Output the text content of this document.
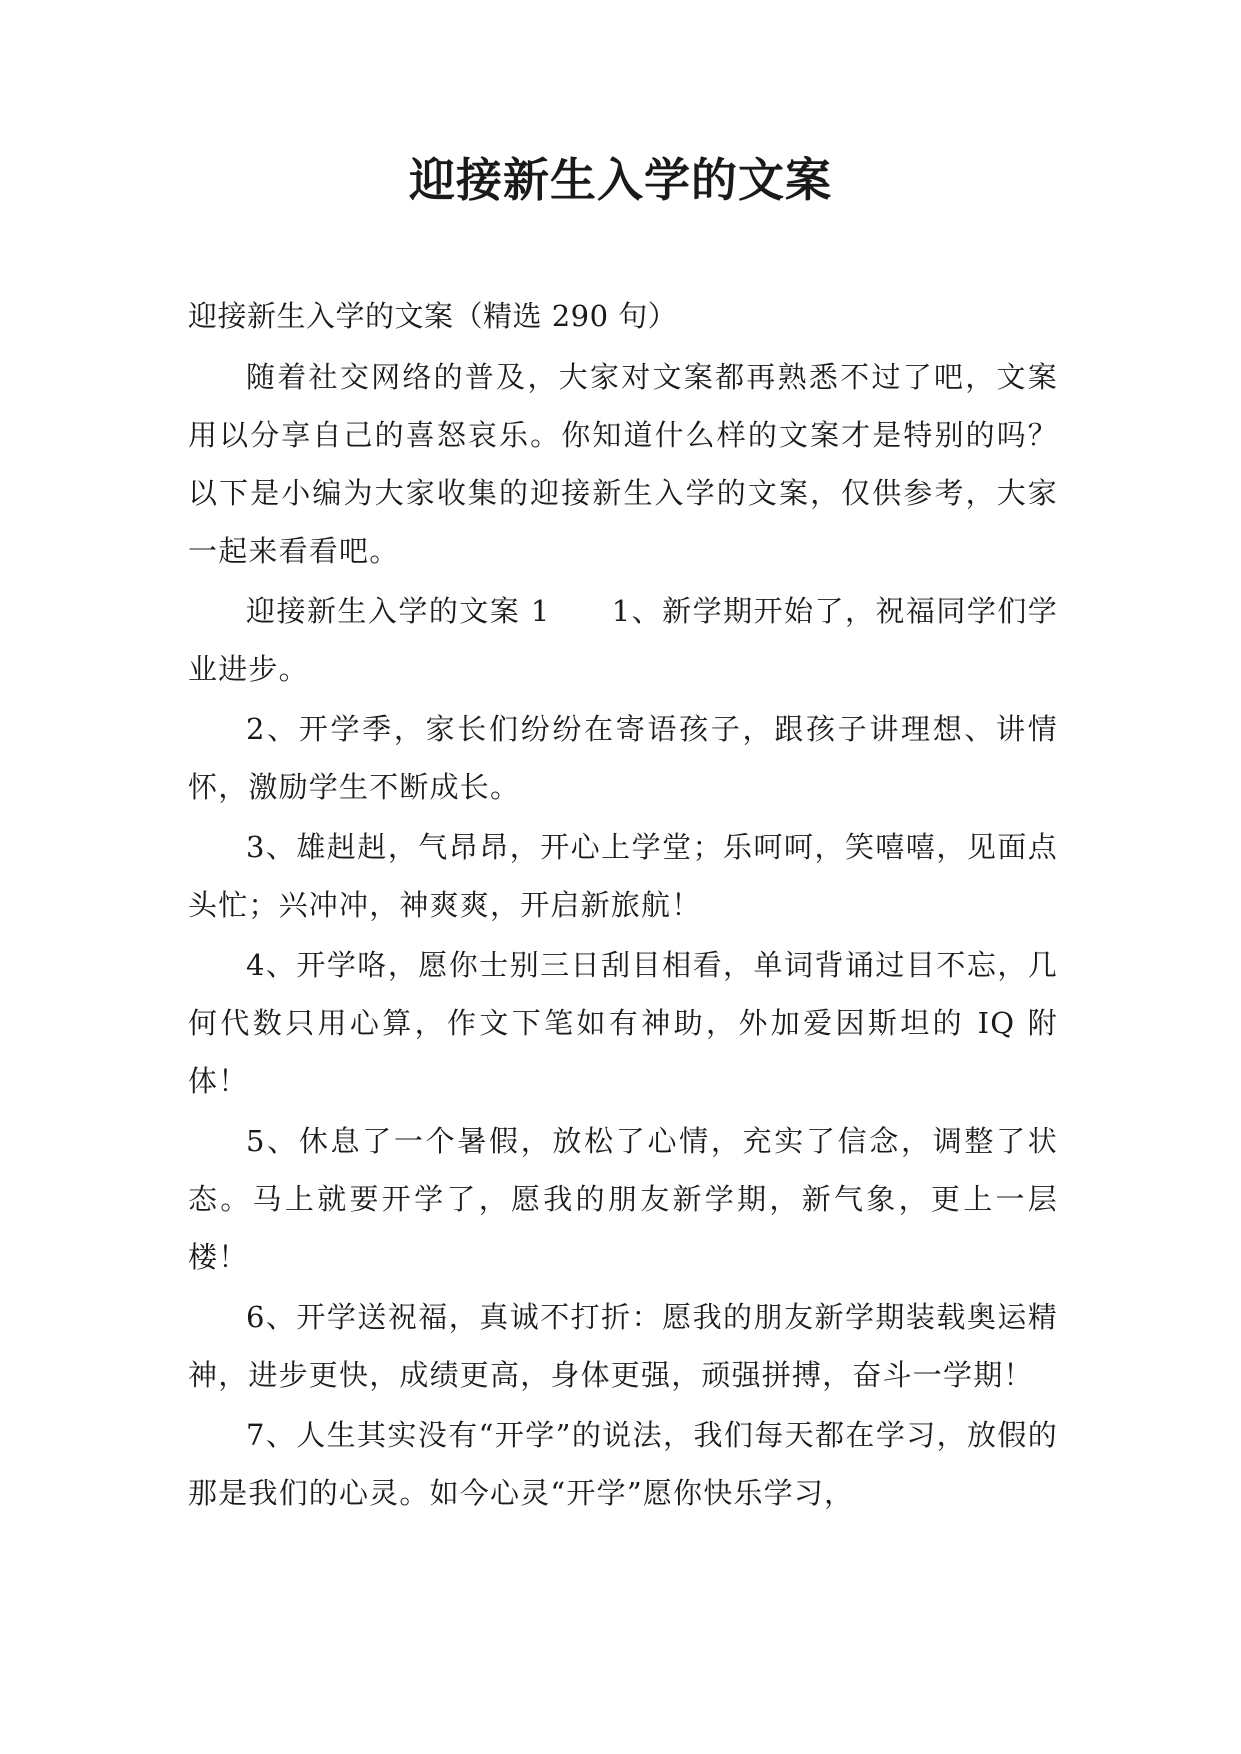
迎接新生入学的文案

迎接新生入学的文案（精选 290 句）

随着社交网络的普及，大家对文案都再熟悉不过了吧，文案用以分享自己的喜怒哀乐。你知道什么样的文案才是特别的吗？以下是小编为大家收集的迎接新生入学的文案，仅供参考，大家一起来看看吧。

迎接新生入学的文案 1　　1、新学期开始了，祝福同学们学业进步。

2、开学季，家长们纷纷在寄语孩子，跟孩子讲理想、讲情怀，激励学生不断成长。

3、雄赳赳，气昂昂，开心上学堂；乐呵呵，笑嘻嘻，见面点头忙；兴冲冲，神爽爽，开启新旅航！

4、开学咯，愿你士别三日刮目相看，单词背诵过目不忘，几何代数只用心算，作文下笔如有神助，外加爱因斯坦的 IQ 附体！

5、休息了一个暑假，放松了心情，充实了信念，调整了状态。马上就要开学了，愿我的朋友新学期，新气象，更上一层楼！

6、开学送祝福，真诚不打折：愿我的朋友新学期装载奥运精神，进步更快，成绩更高，身体更强，顽强拼搏，奋斗一学期！

7、人生其实没有“开学”的说法，我们每天都在学习，放假的那是我们的心灵。如今心灵“开学”愿你快乐学习，
